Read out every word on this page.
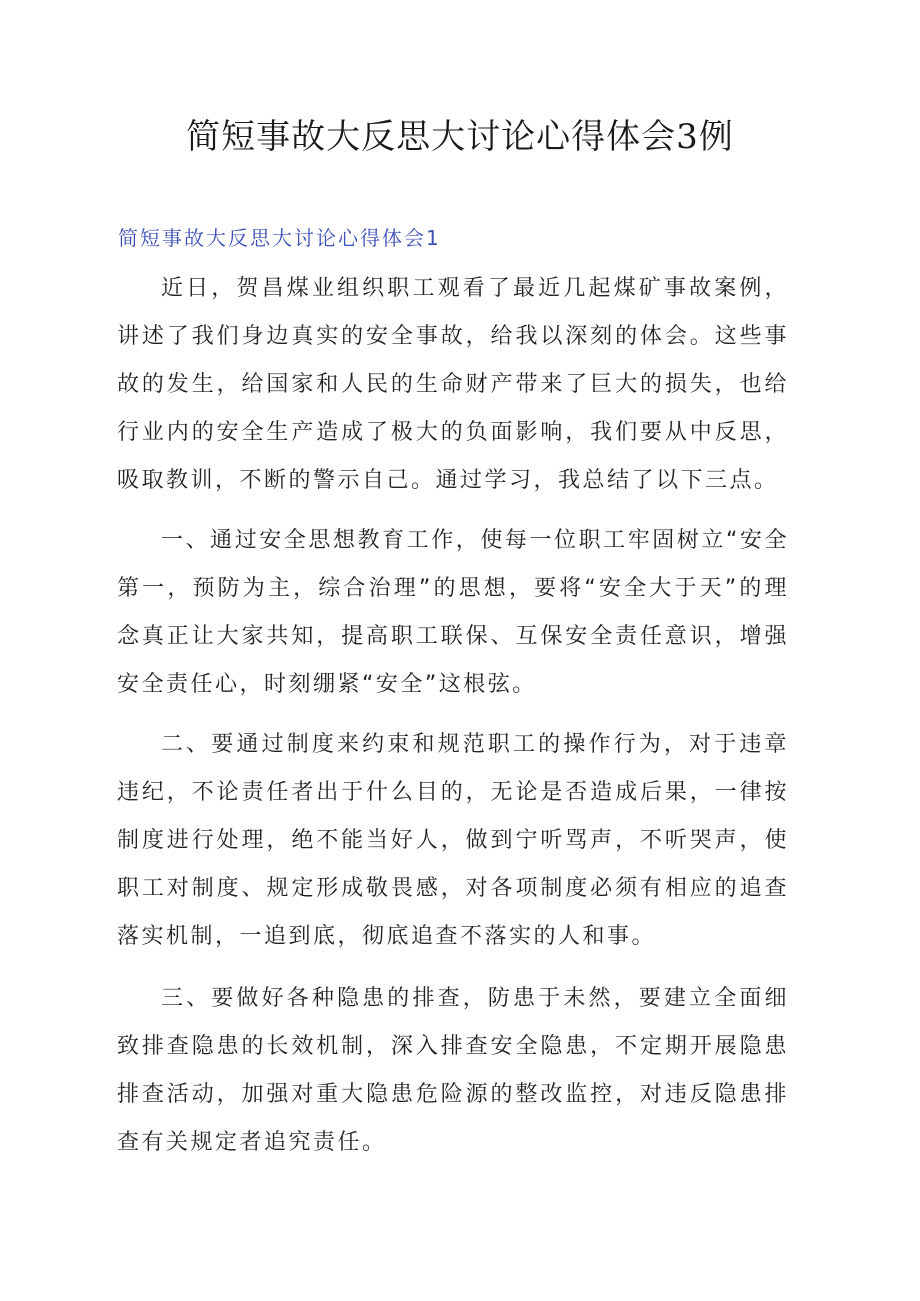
简短事故大反思大讨论心得体会3例
简短事故大反思大讨论心得体会1

近日，贺昌煤业组织职工观看了最近几起煤矿事故案例，讲述了我们身边真实的安全事故，给我以深刻的体会。这些事故的发生，给国家和人民的生命财产带来了巨大的损失，也给行业内的安全生产造成了极大的负面影响，我们要从中反思，吸取教训，不断的警示自己。通过学习，我总结了以下三点。

一、通过安全思想教育工作，使每一位职工牢固树立“安全第一，预防为主，综合治理”的思想，要将“安全大于天”的理念真正让大家共知，提高职工联保、互保安全责任意识，增强安全责任心，时刻绷紧“安全”这根弦。

二、要通过制度来约束和规范职工的操作行为，对于违章违纪，不论责任者出于什么目的，无论是否造成后果，一律按制度进行处理，绝不能当好人，做到宁听骂声，不听哭声，使职工对制度、规定形成敬畏感，对各项制度必须有相应的追查落实机制，一追到底，彻底追查不落实的人和事。

三、要做好各种隐患的排查，防患于未然，要建立全面细致排查隐患的长效机制，深入排查安全隐患，不定期开展隐患排查活动，加强对重大隐患危险源的整改监控，对违反隐患排查有关规定者追究责任。
